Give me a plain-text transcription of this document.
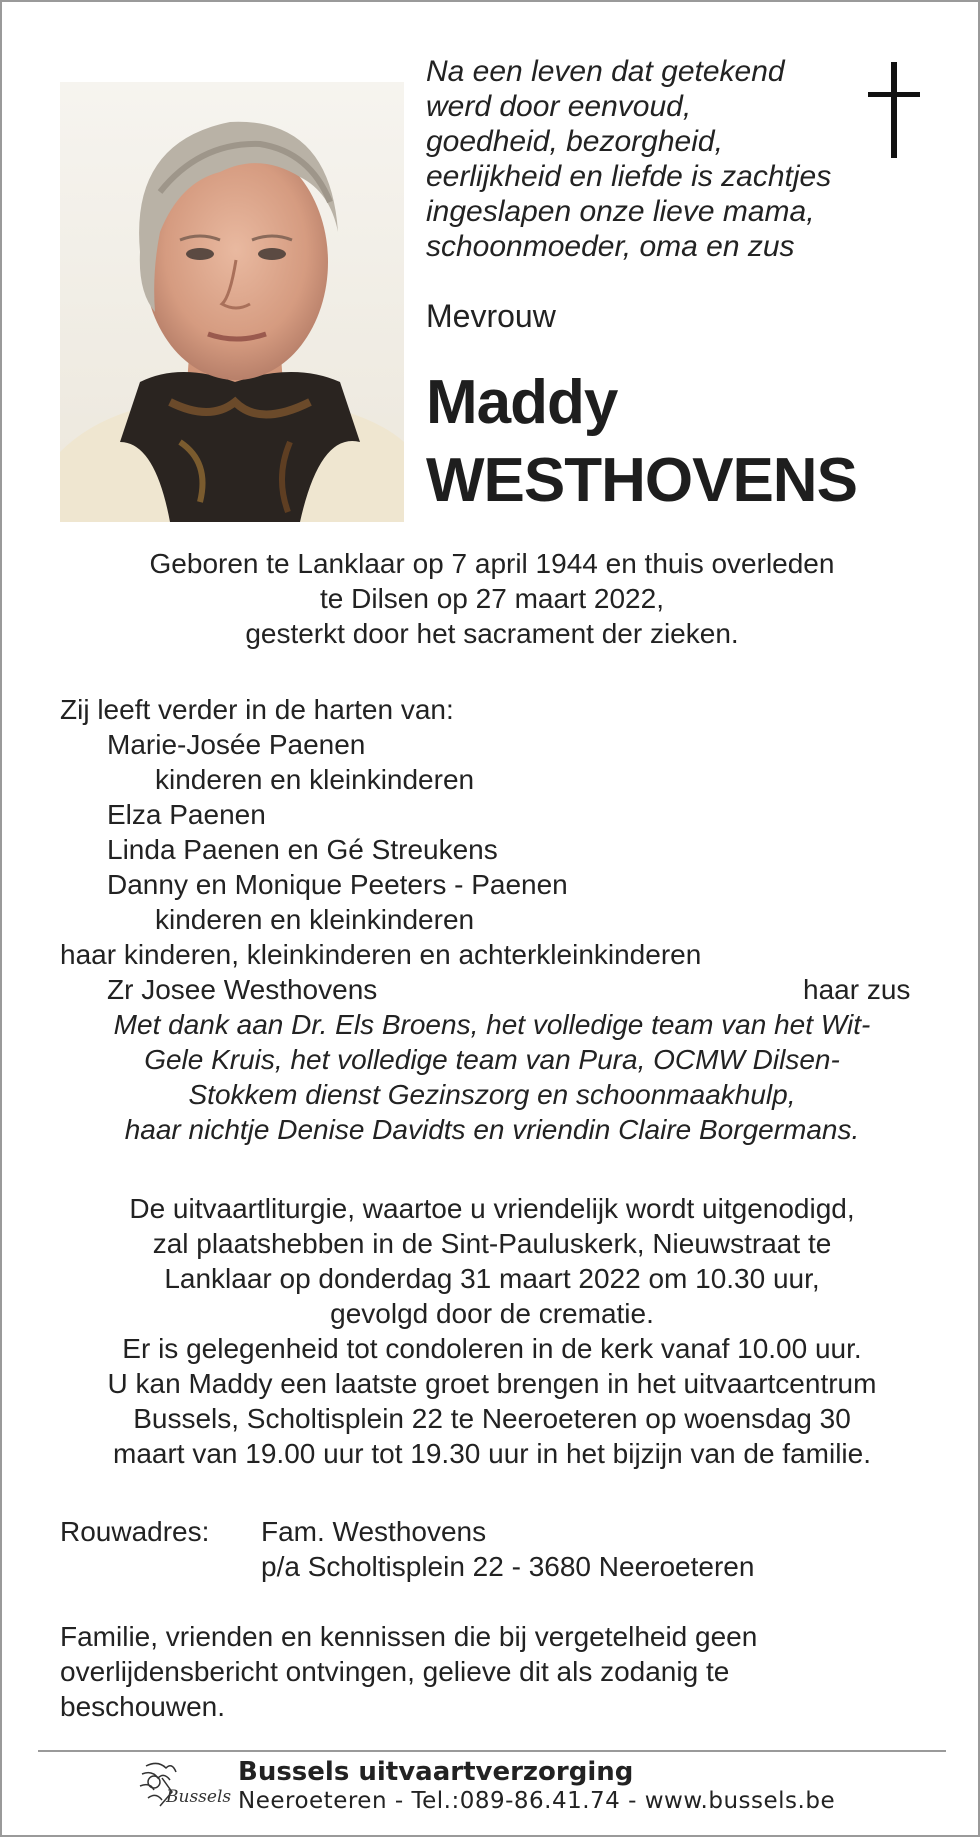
Na een leven dat getekend
werd door eenvoud,
goedheid, bezorgheid,
eerlijkheid en liefde is zachtjes
ingeslapen onze lieve mama,
schoonmoeder, oma en zus
Mevrouw
Maddy
WESTHOVENS
Geboren te Lanklaar op 7 april 1944 en thuis overleden
te Dilsen op 27 maart 2022,
gesterkt door het sacrament der zieken.
Zij leeft verder in de harten van:
Marie-Josée Paenen
kinderen en kleinkinderen
Elza Paenen
Linda Paenen en Gé Streukens
Danny en Monique Peeters - Paenen
kinderen en kleinkinderen
haar kinderen, kleinkinderen en achterkleinkinderen
Zr Josee Westhovens	haar zus
Met dank aan Dr. Els Broens, het volledige team van het Wit-
Gele Kruis, het volledige team van Pura, OCMW Dilsen-
Stokkem dienst Gezinszorg en schoonmaakhulp,
haar nichtje Denise Davidts en vriendin Claire Borgermans.
De uitvaartliturgie, waartoe u vriendelijk wordt uitgenodigd,
zal plaatshebben in de Sint-Pauluskerk, Nieuwstraat te
Lanklaar op donderdag 31 maart 2022 om 10.30 uur,
gevolgd door de crematie.
Er is gelegenheid tot condoleren in de kerk vanaf 10.00 uur.
U kan Maddy een laatste groet brengen in het uitvaartcentrum
Bussels, Scholtisplein 22 te Neeroeteren op woensdag 30
maart van 19.00 uur tot 19.30 uur in het bijzijn van de familie.
Rouwadres: Fam. Westhovens
p/a Scholtisplein 22 - 3680 Neeroeteren
Familie, vrienden en kennissen die bij vergetelheid geen
overlijdensbericht ontvingen, gelieve dit als zodanig te
beschouwen.
Bussels
Bussels uitvaartverzorging
Neeroeteren - Tel.:089-86.41.74 - www.bussels.be
